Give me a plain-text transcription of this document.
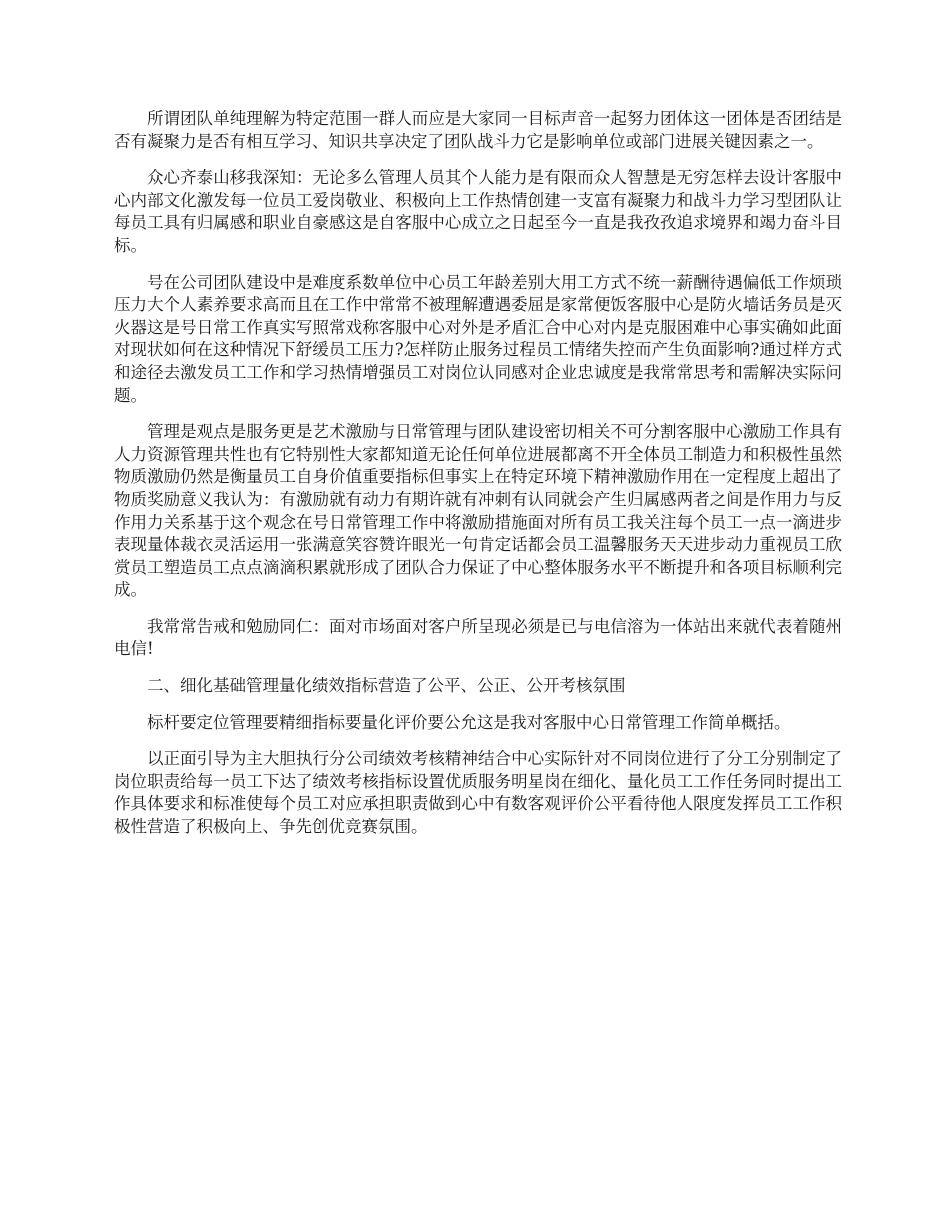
所谓团队单纯理解为特定范围一群人而应是大家同一目标声音一起努力团体这一团体是否团结是否有凝聚力是否有相互学习、知识共享决定了团队战斗力它是影响单位或部门进展关键因素之一。

众心齐泰山移我深知：无论多么管理人员其个人能力是有限而众人智慧是无穷怎样去设计客服中心内部文化激发每一位员工爱岗敬业、积极向上工作热情创建一支富有凝聚力和战斗力学习型团队让每员工具有归属感和职业自豪感这是自客服中心成立之日起至今一直是我孜孜追求境界和竭力奋斗目标。

号在公司团队建设中是难度系数单位中心员工年龄差别大用工方式不统一薪酬待遇偏低工作烦琐压力大个人素养要求高而且在工作中常常不被理解遭遇委屈是家常便饭客服中心是防火墙话务员是灭火器这是号日常工作真实写照常戏称客服中心对外是矛盾汇合中心对内是克服困难中心事实确如此面对现状如何在这种情况下舒缓员工压力?怎样防止服务过程员工情绪失控而产生负面影响?通过样方式和途径去激发员工工作和学习热情增强员工对岗位认同感对企业忠诚度是我常常思考和需解决实际问题。

管理是观点是服务更是艺术激励与日常管理与团队建设密切相关不可分割客服中心激励工作具有人力资源管理共性也有它特别性大家都知道无论任何单位进展都离不开全体员工制造力和积极性虽然物质激励仍然是衡量员工自身价值重要指标但事实上在特定环境下精神激励作用在一定程度上超出了物质奖励意义我认为：有激励就有动力有期许就有冲刺有认同就会产生归属感两者之间是作用力与反作用力关系基于这个观念在号日常管理工作中将激励措施面对所有员工我关注每个员工一点一滴进步表现量体裁衣灵活运用一张满意笑容赞许眼光一句肯定话都会员工温馨服务天天进步动力重视员工欣赏员工塑造员工点点滴滴积累就形成了团队合力保证了中心整体服务水平不断提升和各项目标顺利完成。

我常常告戒和勉励同仁：面对市场面对客户所呈现必须是已与电信溶为一体站出来就代表着随州电信!

二、细化基础管理量化绩效指标营造了公平、公正、公开考核氛围

标杆要定位管理要精细指标要量化评价要公允这是我对客服中心日常管理工作简单概括。

以正面引导为主大胆执行分公司绩效考核精神结合中心实际针对不同岗位进行了分工分别制定了岗位职责给每一员工下达了绩效考核指标设置优质服务明星岗在细化、量化员工工作任务同时提出工作具体要求和标准使每个员工对应承担职责做到心中有数客观评价公平看待他人限度发挥员工工作积极性营造了积极向上、争先创优竞赛氛围。
